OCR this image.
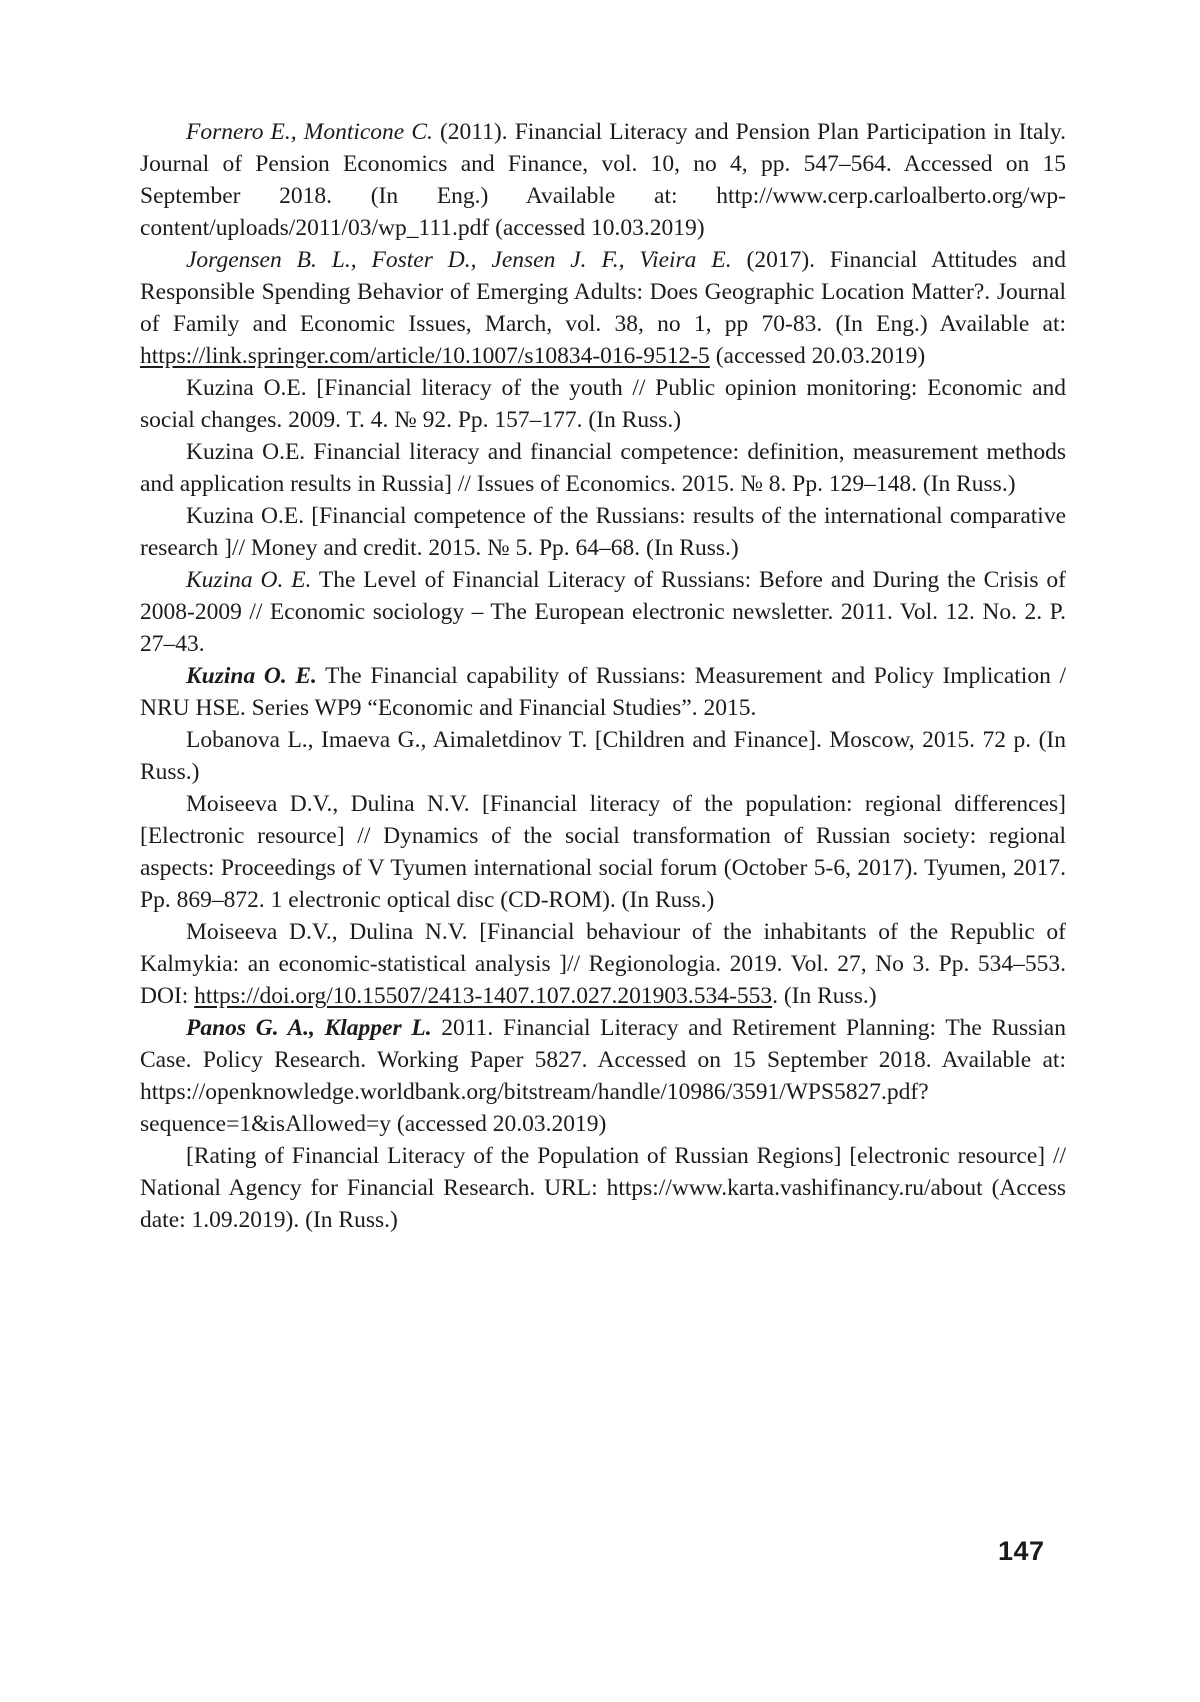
Fornero E., Monticone C. (2011). Financial Literacy and Pension Plan Participation in Italy. Journal of Pension Economics and Finance, vol. 10, no 4, pp. 547–564. Accessed on 15 September 2018. (In Eng.) Available at: http://www.cerp.carloalberto.org/wp-content/uploads/2011/03/wp_111.pdf (accessed 10.03.2019)

Jorgensen B. L., Foster D., Jensen J. F., Vieira E. (2017). Financial Attitudes and Responsible Spending Behavior of Emerging Adults: Does Geographic Location Matter?. Journal of Family and Economic Issues, March, vol. 38, no 1, pp 70-83. (In Eng.) Available at: https://link.springer.com/article/10.1007/s10834-016-9512-5 (accessed 20.03.2019)

Kuzina O.E. [Financial literacy of the youth // Public opinion monitoring: Economic and social changes. 2009. T. 4. № 92. Pp. 157–177. (In Russ.)

Kuzina O.E. Financial literacy and financial competence: definition, measurement methods and application results in Russia] // Issues of Economics. 2015. № 8. Pp. 129–148. (In Russ.)

Kuzina O.E. [Financial competence of the Russians: results of the international comparative research ]// Money and credit. 2015. № 5. Pp. 64–68. (In Russ.)

Kuzina O. E. The Level of Financial Literacy of Russians: Before and During the Crisis of 2008-2009 // Economic sociology – The European electronic newsletter. 2011. Vol. 12. No. 2. P. 27–43.

Kuzina O. E. The Financial capability of Russians: Measurement and Policy Implication / NRU HSE. Series WP9 “Economic and Financial Studies”. 2015.

Lobanova L., Imaeva G., Aimaletdinov T. [Children and Finance]. Moscow, 2015. 72 p. (In Russ.)

Moiseeva D.V., Dulina N.V. [Financial literacy of the population: regional differences] [Electronic resource] // Dynamics of the social transformation of Russian society: regional aspects: Proceedings of V Tyumen international social forum (October 5-6, 2017). Tyumen, 2017. Pp. 869–872. 1 electronic optical disc (CD-ROM). (In Russ.)

Moiseeva D.V., Dulina N.V. [Financial behaviour of the inhabitants of the Republic of Kalmykia: an economic-statistical analysis ]// Regionologia. 2019. Vol. 27, No 3. Pp. 534–553. DOI: https://doi.org/10.15507/2413-1407.107.027.201903.534-553. (In Russ.)

Panos G. A., Klapper L. 2011. Financial Literacy and Retirement Planning: The Russian Case. Policy Research. Working Paper 5827. Accessed on 15 September 2018. Available at: https://openknowledge.worldbank.org/bitstream/handle/10986/3591/WPS5827.pdf? sequence=1&isAllowed=y (accessed 20.03.2019)

[Rating of Financial Literacy of the Population of Russian Regions] [electronic resource] // National Agency for Financial Research. URL: https://www.karta.vashifinancy.ru/about (Access date: 1.09.2019). (In Russ.)

147
